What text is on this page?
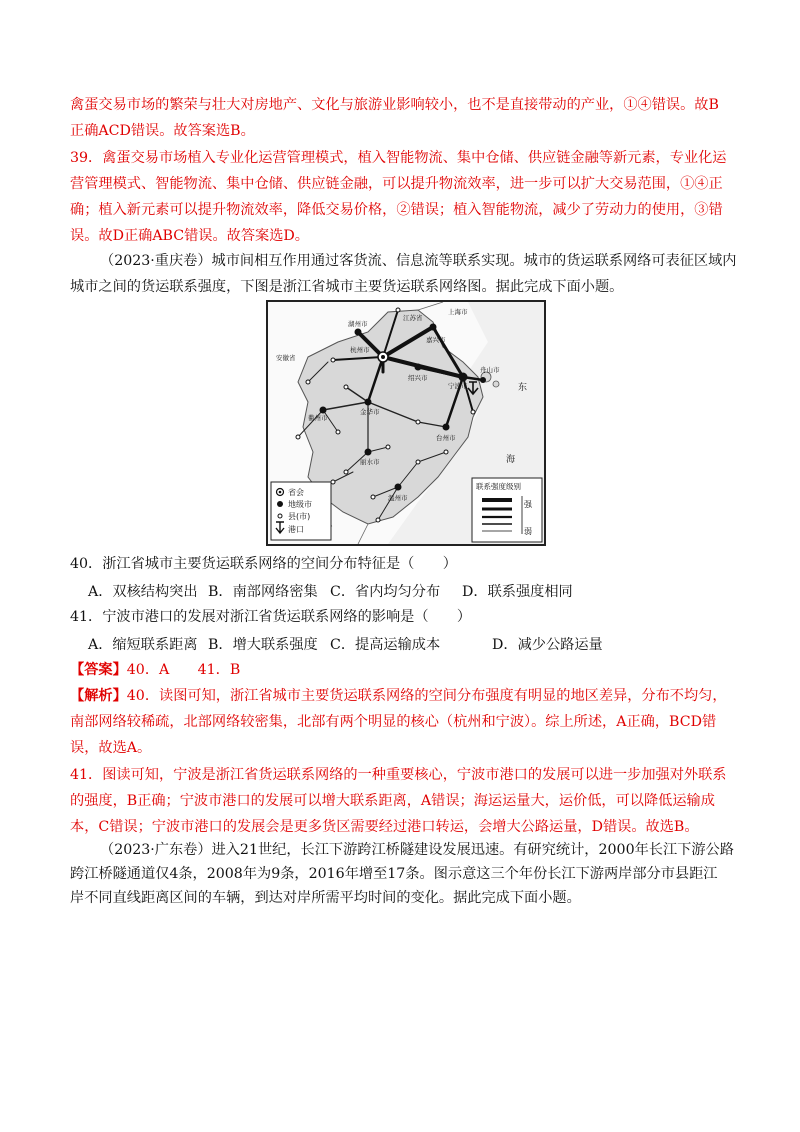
禽蛋交易市场的繁荣与壮大对房地产、文化与旅游业影响较小，也不是直接带动的产业，①④错误。故B
正确ACD错误。故答案选B。
39．禽蛋交易市场植入专业化运营管理模式，植入智能物流、集中仓储、供应链金融等新元素，专业化运
营管理模式、智能物流、集中仓储、供应链金融，可以提升物流效率，进一步可以扩大交易范围，①④正
确；植入新元素可以提升物流效率，降低交易价格，②错误；植入智能物流，减少了劳动力的使用，③错
误。故D正确ABC错误。故答案选D。
（2023·重庆卷）城市间相互作用通过客货流、信息流等联系实现。城市的货运联系网络可表征区域内
城市之间的货运联系强度，下图是浙江省城市主要货运联系网络图。据此完成下面小题。
江苏省
上海市
安徽省
湖州市
嘉兴市
杭州市
绍兴市
宁波市
舟山市
金华市
衢州市
台州市
丽水市
温州市
东
海
省会
地级市
县(市)
港口
联系强度级别
强
弱
40．浙江省城市主要货运联系网络的空间分布特征是（　　）
A．双核结构突出 B．南部网络密集 C．省内均匀分布 D．联系强度相同
41．宁波市港口的发展对浙江省货运联系网络的影响是（　　）
A．缩短联系距离 B．增大联系强度 C．提高运输成本	D．减少公路运量
【答案】40．A　　41．B
【解析】40．读图可知，浙江省城市主要货运联系网络的空间分布强度有明显的地区差异，分布不均匀，
南部网络较稀疏，北部网络较密集，北部有两个明显的核心（杭州和宁波）。综上所述，A正确，BCD错
误，故选A。
41．图读可知，宁波是浙江省货运联系网络的一种重要核心，宁波市港口的发展可以进一步加强对外联系
的强度，B正确；宁波市港口的发展可以增大联系距离，A错误；海运运量大，运价低，可以降低运输成
本，C错误；宁波市港口的发展会是更多货区需要经过港口转运，会增大公路运量，D错误。故选B。
（2023·广东卷）进入21世纪，长江下游跨江桥隧建设发展迅速。有研究统计，2000年长江下游公路
跨江桥隧通道仅4条，2008年为9条，2016年增至17条。图示意这三个年份长江下游两岸部分市县距江
岸不同直线距离区间的车辆，到达对岸所需平均时间的变化。据此完成下面小题。
